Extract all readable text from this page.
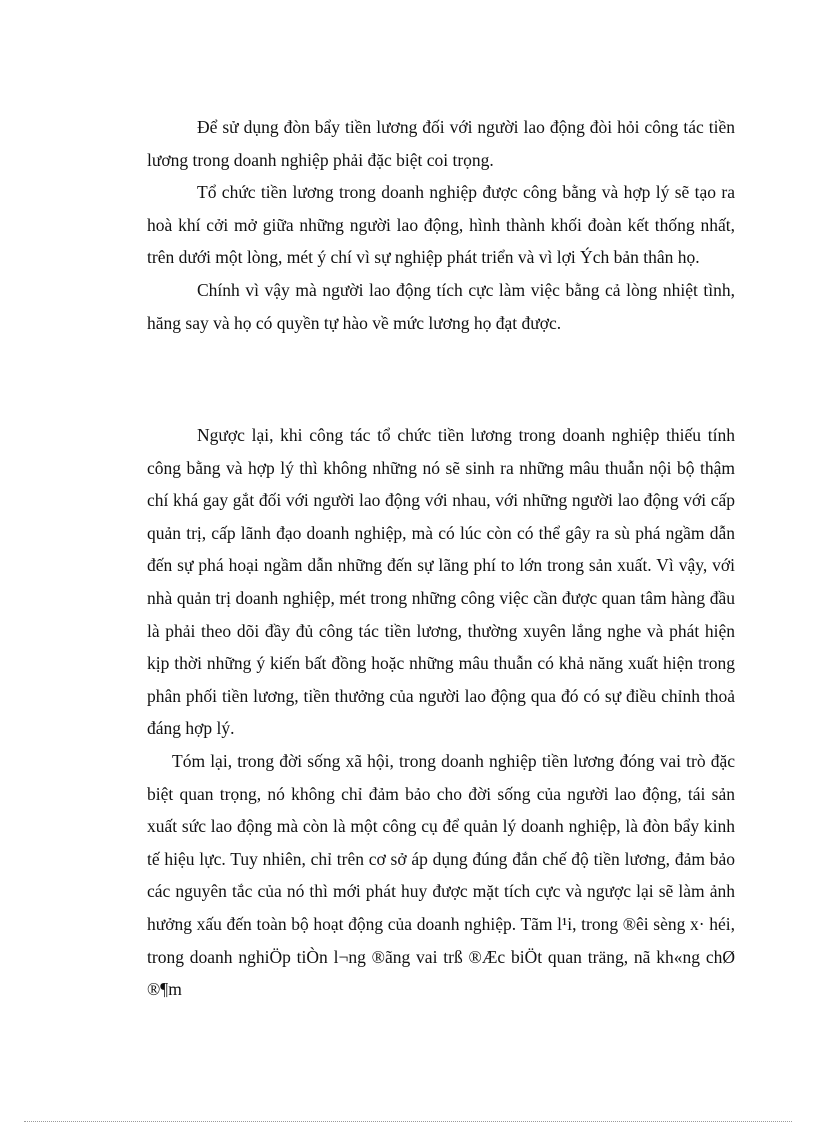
Để sử dụng đòn bẩy tiền lương đối với người lao động đòi hỏi công tác tiền lương trong doanh nghiệp phải đặc biệt coi trọng.

Tổ chức tiền lương trong doanh nghiệp được công bằng và hợp lý sẽ tạo ra hoà khí cởi mở giữa những người lao động, hình thành khối đoàn kết thống nhất, trên dưới một lòng, mét ý chí vì sự nghiệp phát triển và vì lợi Ých bản thân họ.

Chính vì vậy mà người lao động tích cực làm việc bằng cả lòng nhiệt tình, hăng say và họ có quyền tự hào về mức lương họ đạt được.

Ngược lại, khi công tác tổ chức tiền lương trong doanh nghiệp thiếu tính công bằng và hợp lý thì không những nó sẽ sinh ra những mâu thuẫn nội bộ thậm chí khá gay gắt đối với người lao động với nhau, với những người lao động với cấp quản trị, cấp lãnh đạo doanh nghiệp, mà có lúc còn có thể gây ra sù phá ngầm dẫn đến sự phá hoại ngầm dẫn những đến sự lãng phí to lớn trong sản xuất. Vì vậy, với nhà quản trị doanh nghiệp, mét trong những công việc cần được quan tâm hàng đầu là phải theo dõi đầy đủ công tác tiền lương, thường xuyên lắng nghe và phát hiện kịp thời những ý kiến bất đồng hoặc những mâu thuẫn có khả năng xuất hiện trong phân phối tiền lương, tiền thưởng của người lao động qua đó có sự điều chỉnh thoả đáng hợp lý.

Tóm lại, trong đời sống xã hội, trong doanh nghiệp tiền lương đóng vai trò đặc biệt quan trọng, nó không chỉ đảm bảo cho đời sống của người lao động, tái sản xuất sức lao động mà còn là một công cụ để quản lý doanh nghiệp, là đòn bẩy kinh tế hiệu lực. Tuy nhiên, chỉ trên cơ sở áp dụng đúng đắn chế độ tiền lương, đảm bảo các nguyên tắc của nó thì mới phát huy được mặt tích cực và ngược lại sẽ làm ảnh hưởng xấu đến toàn bộ hoạt động của doanh nghiệp. Tãm l¹i, trong ®êi sèng x· héi, trong doanh nghiÖp tiÒn l¬ng ®ãng vai trß ®Æc biÖt quan träng, nã kh«ng chØ ®¶m
